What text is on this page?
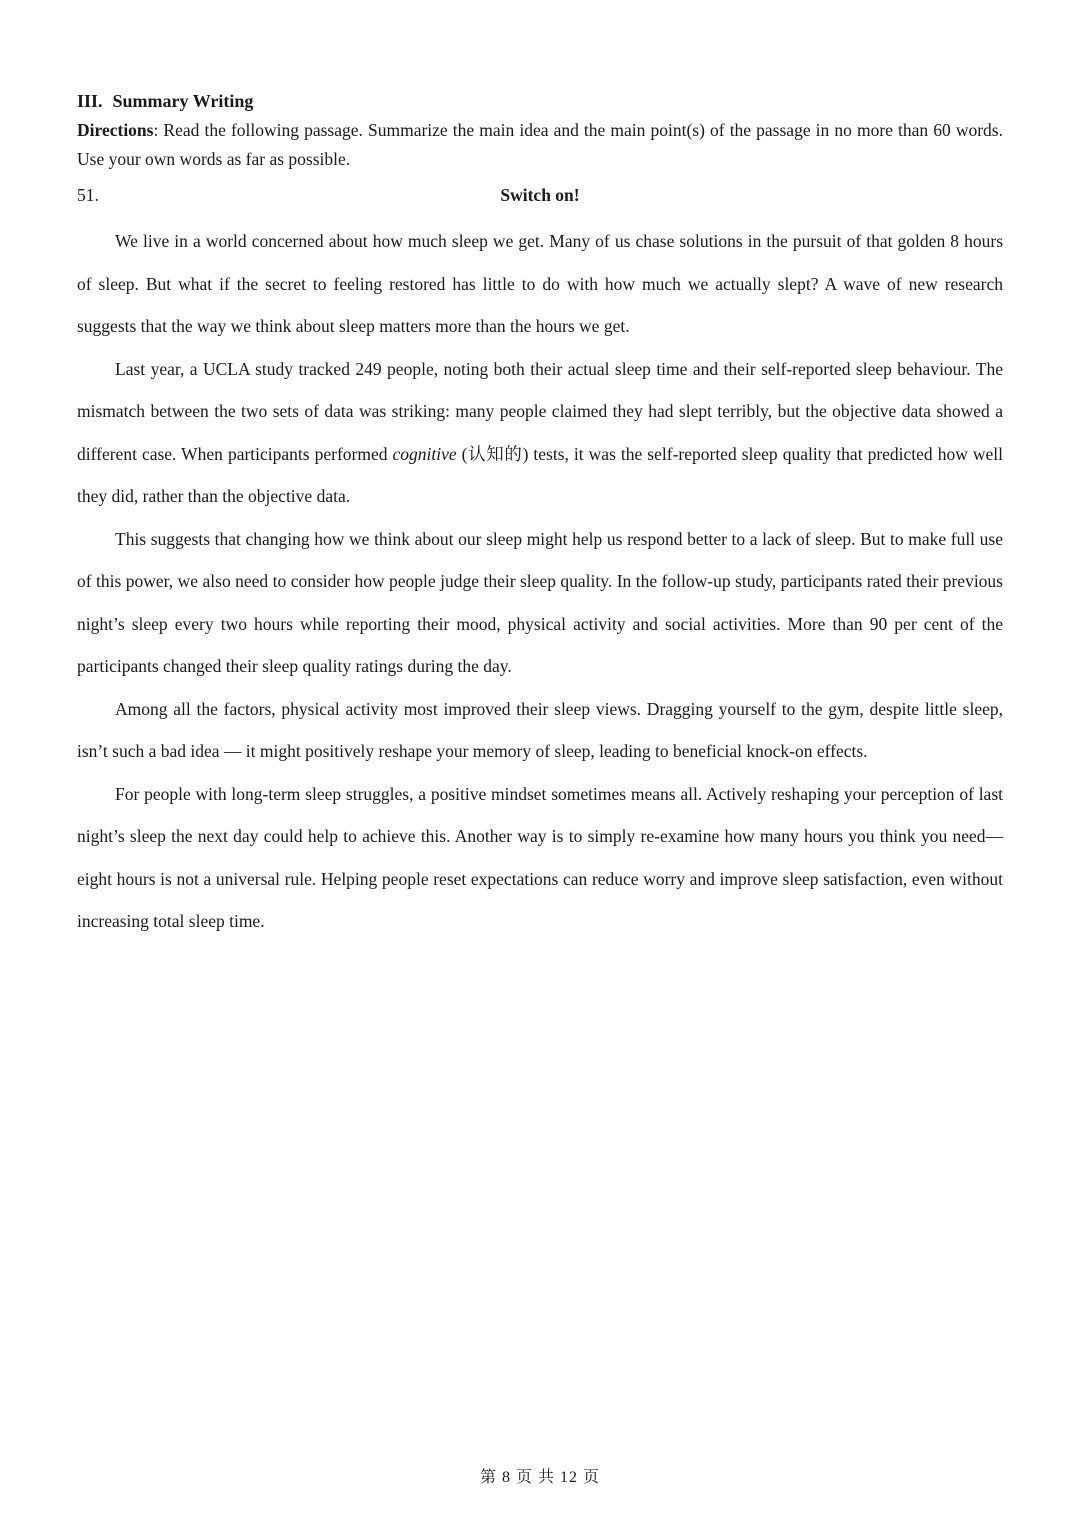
III. Summary Writing

Directions: Read the following passage. Summarize the main idea and the main point(s) of the passage in no more than 60 words. Use your own words as far as possible.

51.	Switch on!

We live in a world concerned about how much sleep we get. Many of us chase solutions in the pursuit of that golden 8 hours of sleep. But what if the secret to feeling restored has little to do with how much we actually slept? A wave of new research suggests that the way we think about sleep matters more than the hours we get.

Last year, a UCLA study tracked 249 people, noting both their actual sleep time and their self-reported sleep behaviour. The mismatch between the two sets of data was striking: many people claimed they had slept terribly, but the objective data showed a different case. When participants performed cognitive (认知的) tests, it was the self-reported sleep quality that predicted how well they did, rather than the objective data.

This suggests that changing how we think about our sleep might help us respond better to a lack of sleep. But to make full use of this power, we also need to consider how people judge their sleep quality. In the follow-up study, participants rated their previous night’s sleep every two hours while reporting their mood, physical activity and social activities. More than 90 per cent of the participants changed their sleep quality ratings during the day.

Among all the factors, physical activity most improved their sleep views. Dragging yourself to the gym, despite little sleep, isn’t such a bad idea — it might positively reshape your memory of sleep, leading to beneficial knock-on effects.

For people with long-term sleep struggles, a positive mindset sometimes means all. Actively reshaping your perception of last night’s sleep the next day could help to achieve this. Another way is to simply re-examine how many hours you think you need—eight hours is not a universal rule. Helping people reset expectations can reduce worry and improve sleep satisfaction, even without increasing total sleep time.

第 8 页 共 12 页
